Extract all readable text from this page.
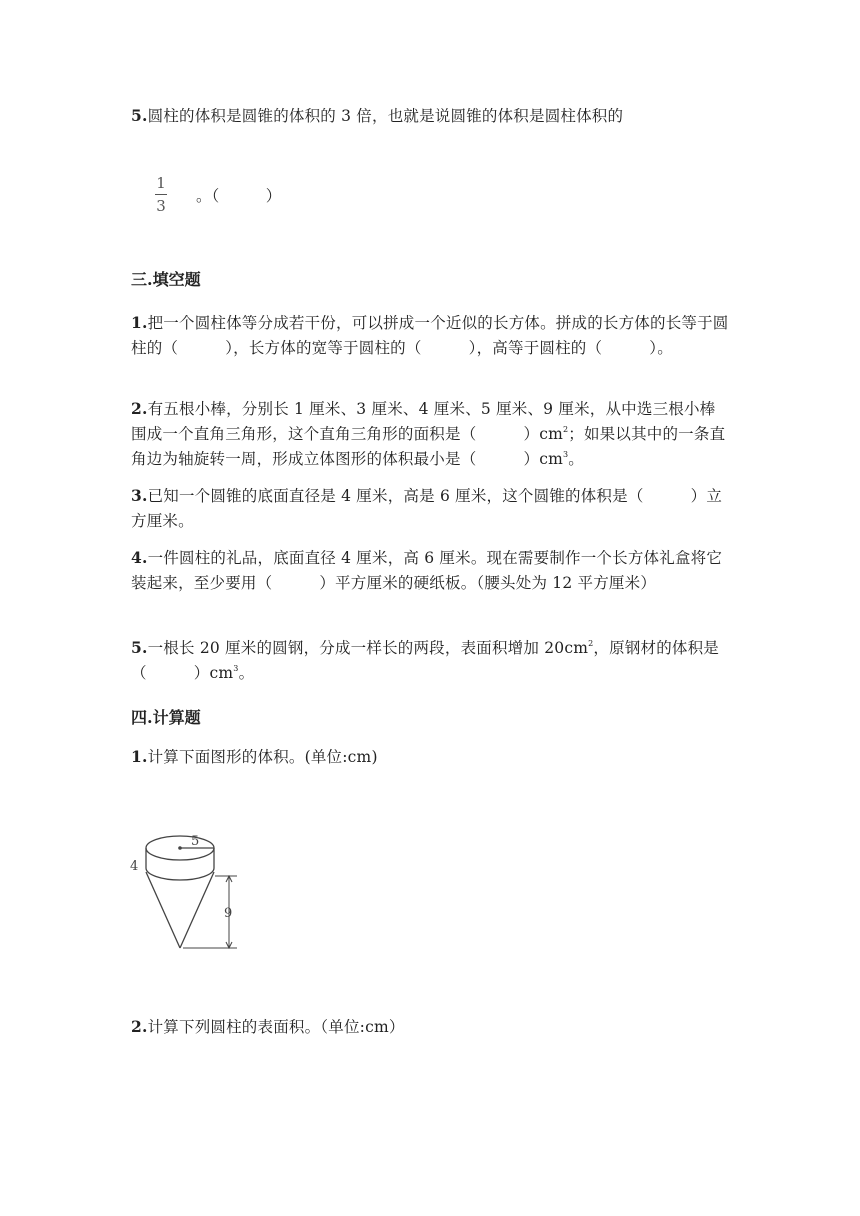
5.圆柱的体积是圆锥的体积的 3 倍，也就是说圆锥的体积是圆柱体积的
1
3
。（　　　）
三.填空题
1.把一个圆柱体等分成若干份，可以拼成一个近似的长方体。拼成的长方体的长等于圆柱的（　　　），长方体的宽等于圆柱的（　　　），高等于圆柱的（　　　）。
2.有五根小棒，分别长 1 厘米、3 厘米、4 厘米、5 厘米、9 厘米，从中选三根小棒围成一个直角三角形，这个直角三角形的面积是（　　　）$cm^2$；如果以其中的一条直角边为轴旋转一周，形成立体图形的体积最小是（　　　）$cm^3$。
3.已知一个圆锥的底面直径是 4 厘米，高是 6 厘米，这个圆锥的体积是（　　　）立方厘米。
4.一件圆柱的礼品，底面直径 4 厘米，高 6 厘米。现在需要制作一个长方体礼盒将它装起来，至少要用（　　　）平方厘米的硬纸板。（腰头处为 12 平方厘米）
5.一根长 20 厘米的圆钢，分成一样长的两段，表面积增加 $20cm^2$，原钢材的体积是（　　　）$cm^3$。
四.计算题
1.计算下面图形的体积。(单位:cm)
5
4
9
2.计算下列圆柱的表面积。（单位:cm）
